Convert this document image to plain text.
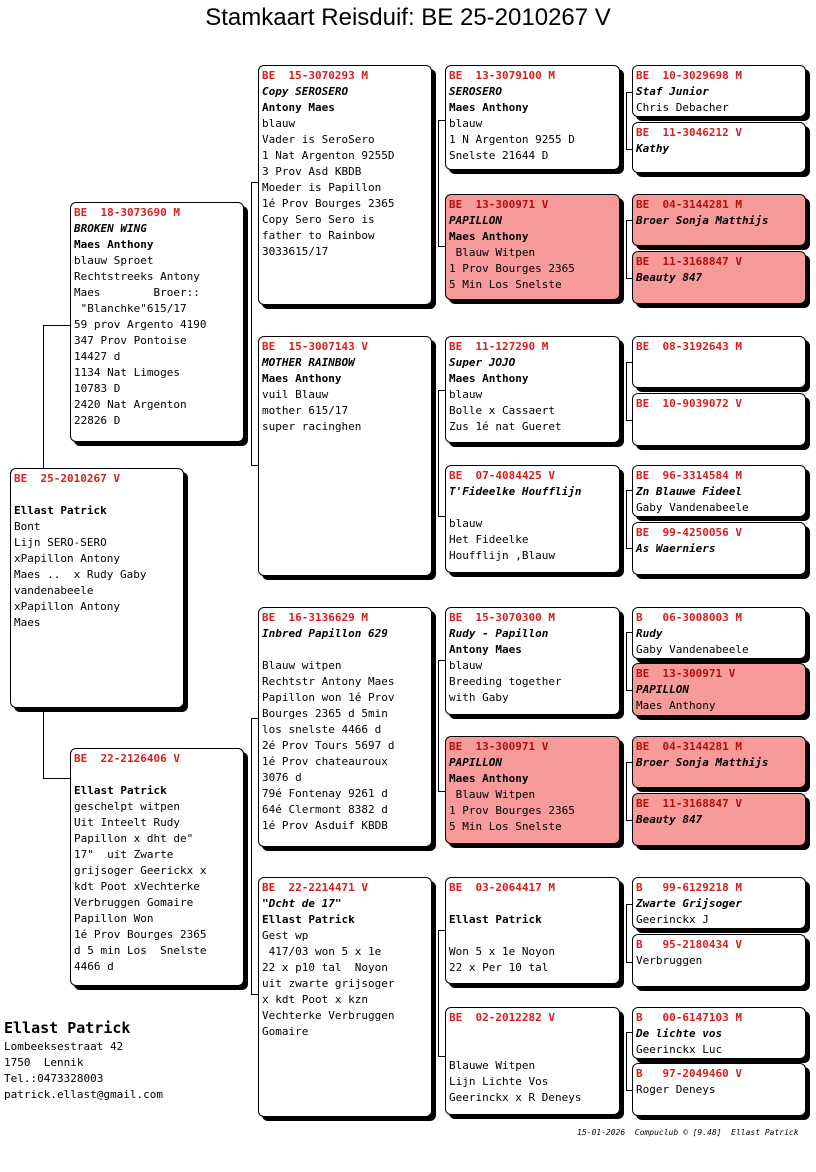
Stamkaart Reisduif: BE 25-2010267 V
BE  25-2010267 V
Ellast Patrick
Bont
Lijn SERO-SERO
xPapillon Antony
Maes ..  x Rudy Gaby
vandenabeele
xPapillon Antony
Maes
BE  18-3073690 M
BROKEN WING
Maes Anthony
blauw Sproet
Rechtstreeks Antony
Maes        Broer::
"Blanchke"615/17
59 prov Argento 4190
347 Prov Pontoise
14427 d
1134 Nat Limoges
10783 D
2420 Nat Argenton
22826 D
BE  22-2126406 V
Ellast Patrick
geschelpt witpen
Uit Inteelt Rudy
Papillon x dht de"
17"  uit Zwarte
grijsoger Geerickx x
kdt Poot xVechterke
Verbruggen Gomaire
Papillon Won
1é Prov Bourges 2365
d 5 min Los  Snelste
4466 d
BE  15-3070293 M
Copy SEROSERO
Antony Maes
blauw
Vader is SeroSero
1 Nat Argenton 9255D
3 Prov Asd KBDB
Moeder is Papillon
1é Prov Bourges 2365
Copy Sero Sero is
father to Rainbow
3033615/17
BE  15-3007143 V
MOTHER RAINBOW
Maes Anthony
vuil Blauw
mother 615/17
super racinghen
BE  16-3136629 M
Inbred Papillon 629
Blauw witpen
Rechtstr Antony Maes
Papillon won 1é Prov
Bourges 2365 d 5min
los snelste 4466 d
2é Prov Tours 5697 d
1é Prov chateauroux
3076 d
79é Fontenay 9261 d
64é Clermont 8382 d
1é Prov Asduif KBDB
BE  22-2214471 V
"Dcht de 17"
Ellast Patrick
Gest wp
417/03 won 5 x 1e
22 x p10 tal  Noyon
uit zwarte grijsoger
x kdt Poot x kzn
Vechterke Verbruggen
Gomaire
BE  13-3079100 M
SEROSERO
Maes Anthony
blauw
1 N Argenton 9255 D
Snelste 21644 D
BE  13-300971 V
PAPILLON
Maes Anthony
Blauw Witpen
1 Prov Bourges 2365
5 Min Los Snelste
BE  11-127290 M
Super JOJO
Maes Anthony
blauw
Bolle x Cassaert
Zus 1é nat Gueret
BE  07-4084425 V
T'Fideelke Houfflijn
blauw
Het Fideelke
Houfflijn ,Blauw
BE  15-3070300 M
Rudy - Papillon
Antony Maes
blauw
Breeding together
with Gaby
BE  13-300971 V
PAPILLON
Maes Anthony
Blauw Witpen
1 Prov Bourges 2365
5 Min Los Snelste
BE  03-2064417 M
Ellast Patrick
Won 5 x 1e Noyon
22 x Per 10 tal
BE  02-2012282 V
Blauwe Witpen
Lijn Lichte Vos
Geerinckx x R Deneys
BE  10-3029698 M
Staf Junior
Chris Debacher
BE  11-3046212 V
Kathy
BE  04-3144281 M
Broer Sonja Matthijs
BE  11-3168847 V
Beauty 847
BE  08-3192643 M
BE  10-9039072 V
BE  96-3314584 M
Zn Blauwe Fideel
Gaby Vandenabeele
BE  99-4250056 V
As Waerniers
B   06-3008003 M
Rudy
Gaby Vandenabeele
BE  13-300971 V
PAPILLON
Maes Anthony
BE  04-3144281 M
Broer Sonja Matthijs
BE  11-3168847 V
Beauty 847
B   99-6129218 M
Zwarte Grijsoger
Geerinckx J
B   95-2180434 V
Verbruggen
B   00-6147103 M
De lichte vos
Geerinckx Luc
B   97-2049460 V
Roger Deneys
Ellast Patrick
Lombeeksestraat 42
1750  Lennik
Tel.:0473328003
patrick.ellast@gmail.com
15-01-2026  Compuclub © [9.48]  Ellast Patrick
